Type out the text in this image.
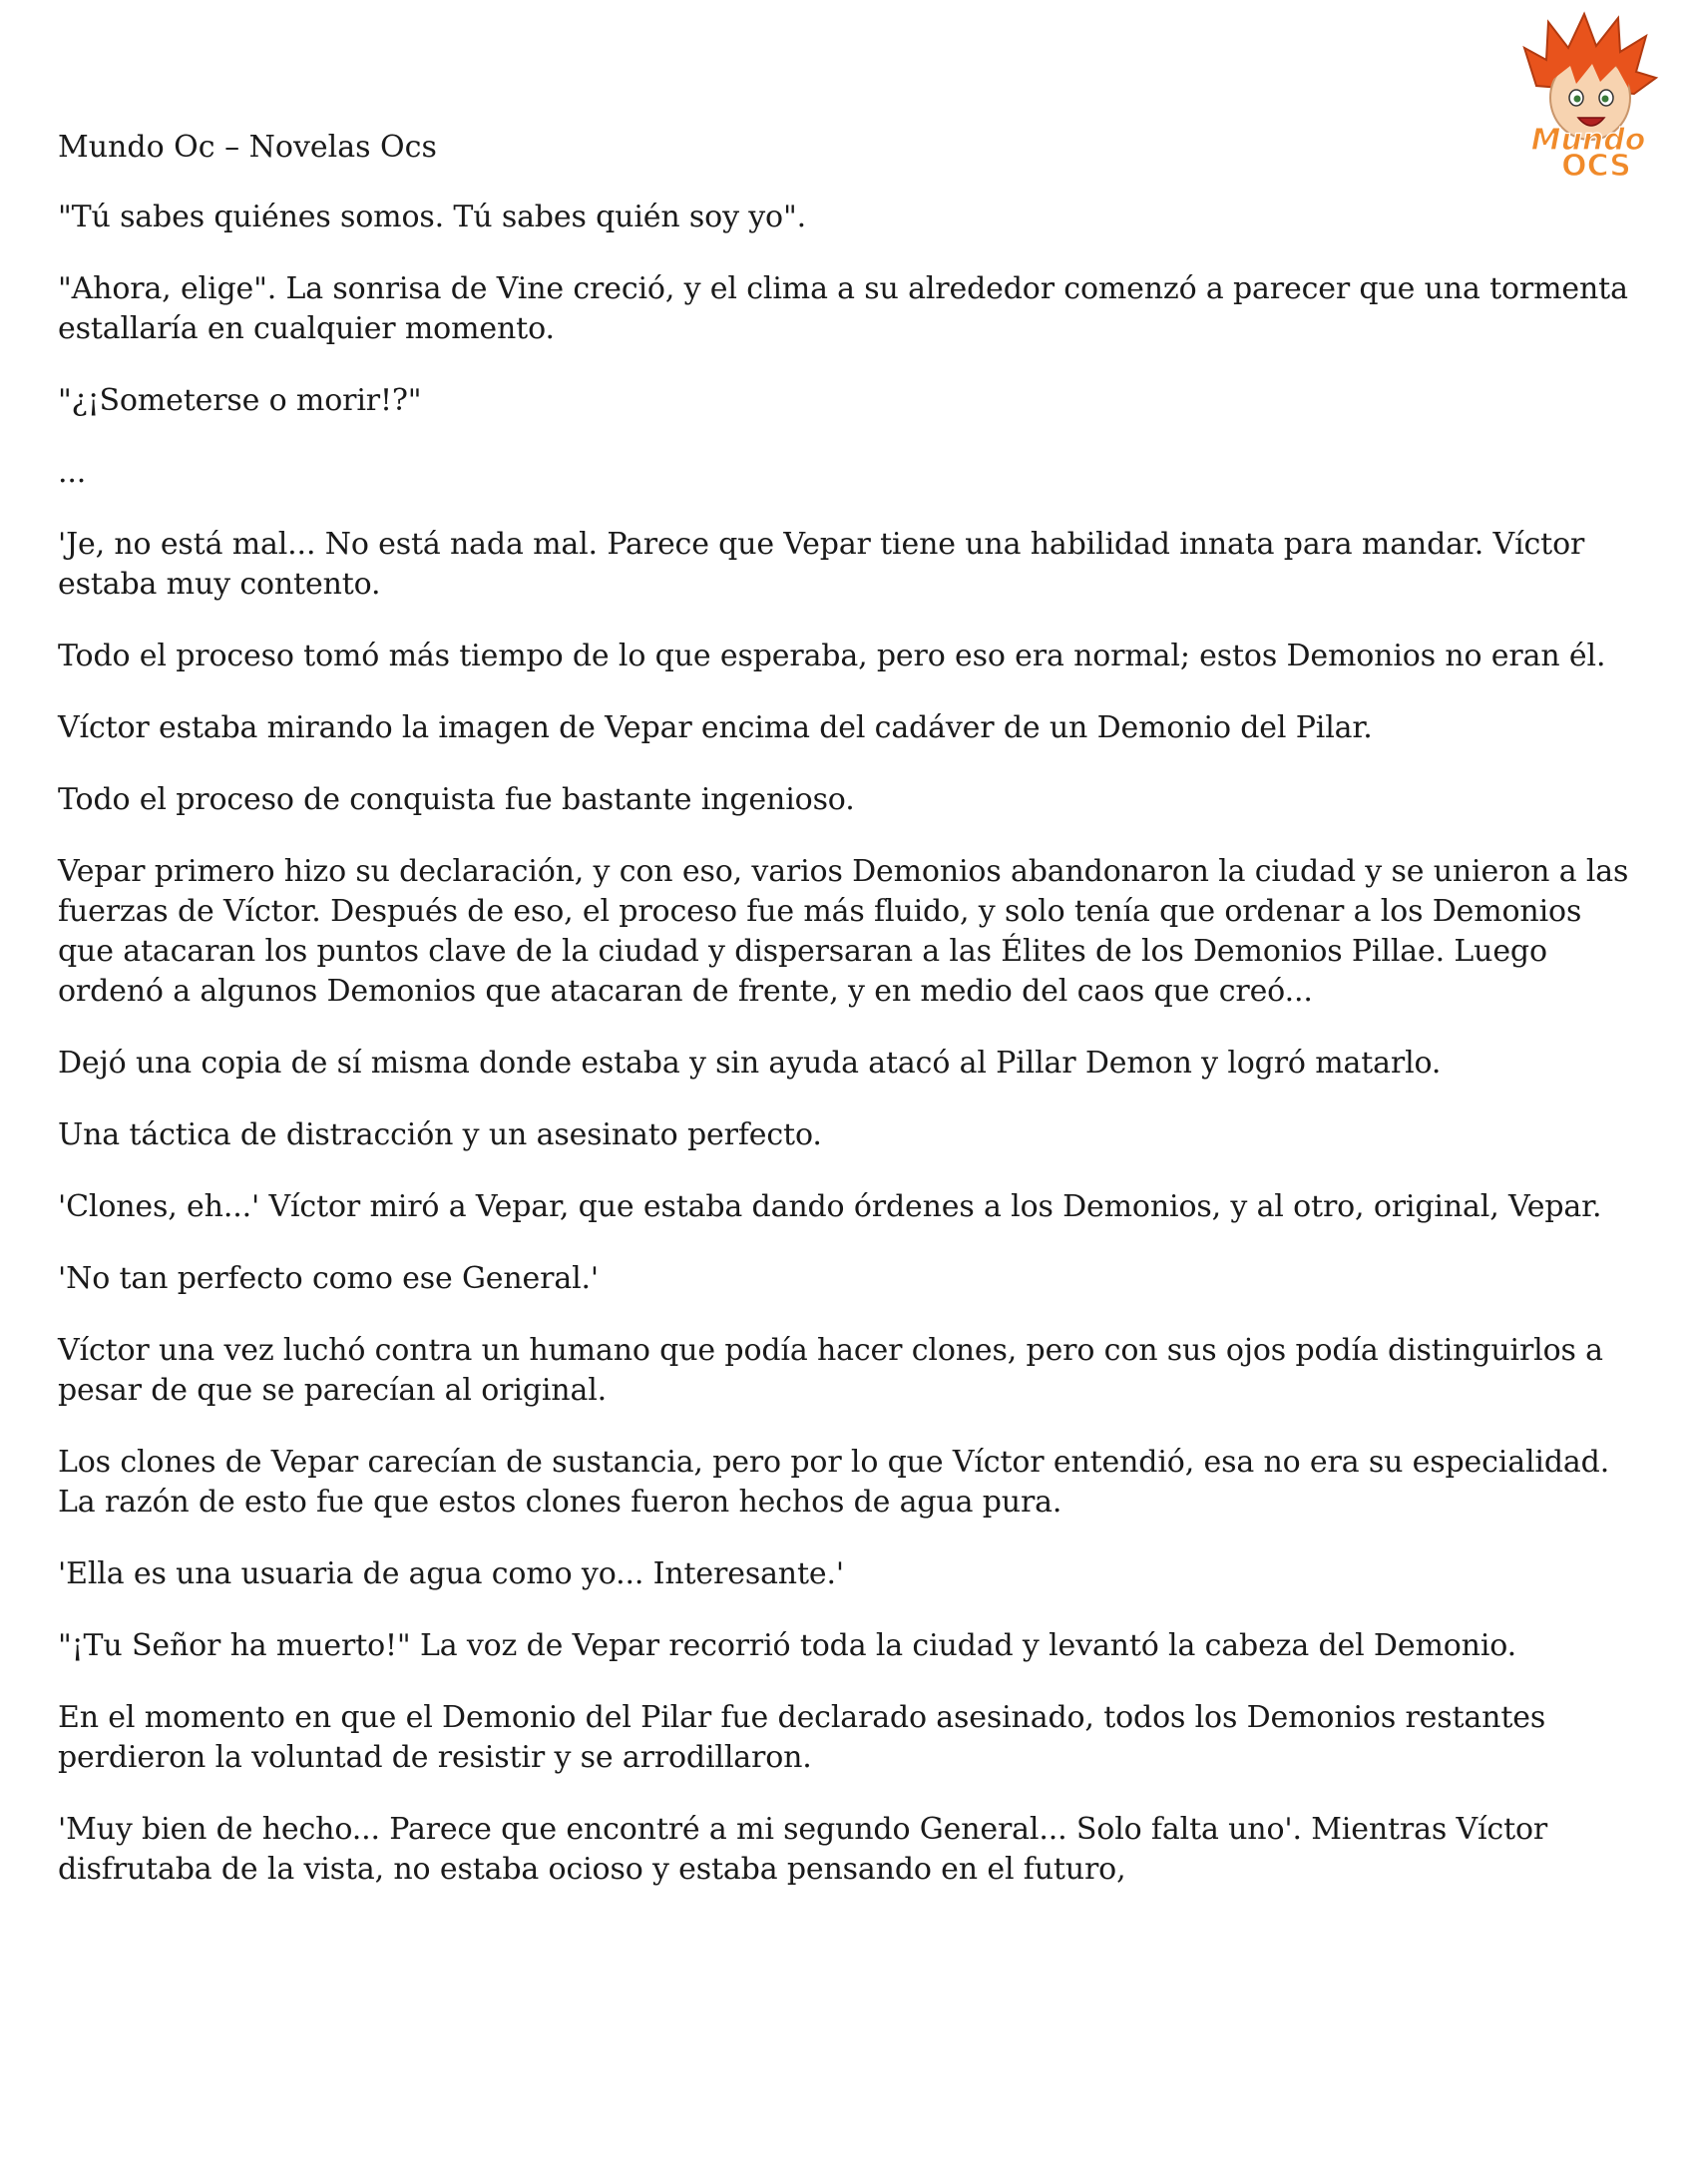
Mundo
OCS
Mundo Oc – Novelas Ocs

"Tú sabes quiénes somos. Tú sabes quién soy yo".

"Ahora, elige". La sonrisa de Vine creció, y el clima a su alrededor comenzó a parecer que una tormenta estallaría en cualquier momento.

"¿¡Someterse o morir!?"

...

'Je, no está mal... No está nada mal. Parece que Vepar tiene una habilidad innata para mandar. Víctor estaba muy contento.

Todo el proceso tomó más tiempo de lo que esperaba, pero eso era normal; estos Demonios no eran él.

Víctor estaba mirando la imagen de Vepar encima del cadáver de un Demonio del Pilar.

Todo el proceso de conquista fue bastante ingenioso.

Vepar primero hizo su declaración, y con eso, varios Demonios abandonaron la ciudad y se unieron a las fuerzas de Víctor. Después de eso, el proceso fue más fluido, y solo tenía que ordenar a los Demonios que atacaran los puntos clave de la ciudad y dispersaran a las Élites de los Demonios Pillae. Luego ordenó a algunos Demonios que atacaran de frente, y en medio del caos que creó...

Dejó una copia de sí misma donde estaba y sin ayuda atacó al Pillar Demon y logró matarlo.

Una táctica de distracción y un asesinato perfecto.

'Clones, eh...' Víctor miró a Vepar, que estaba dando órdenes a los Demonios, y al otro, original, Vepar.

'No tan perfecto como ese General.'

Víctor una vez luchó contra un humano que podía hacer clones, pero con sus ojos podía distinguirlos a pesar de que se parecían al original.

Los clones de Vepar carecían de sustancia, pero por lo que Víctor entendió, esa no era su especialidad. La razón de esto fue que estos clones fueron hechos de agua pura.

'Ella es una usuaria de agua como yo... Interesante.'

"¡Tu Señor ha muerto!" La voz de Vepar recorrió toda la ciudad y levantó la cabeza del Demonio.

En el momento en que el Demonio del Pilar fue declarado asesinado, todos los Demonios restantes perdieron la voluntad de resistir y se arrodillaron.

'Muy bien de hecho... Parece que encontré a mi segundo General... Solo falta uno'. Mientras Víctor disfrutaba de la vista, no estaba ocioso y estaba pensando en el futuro,
